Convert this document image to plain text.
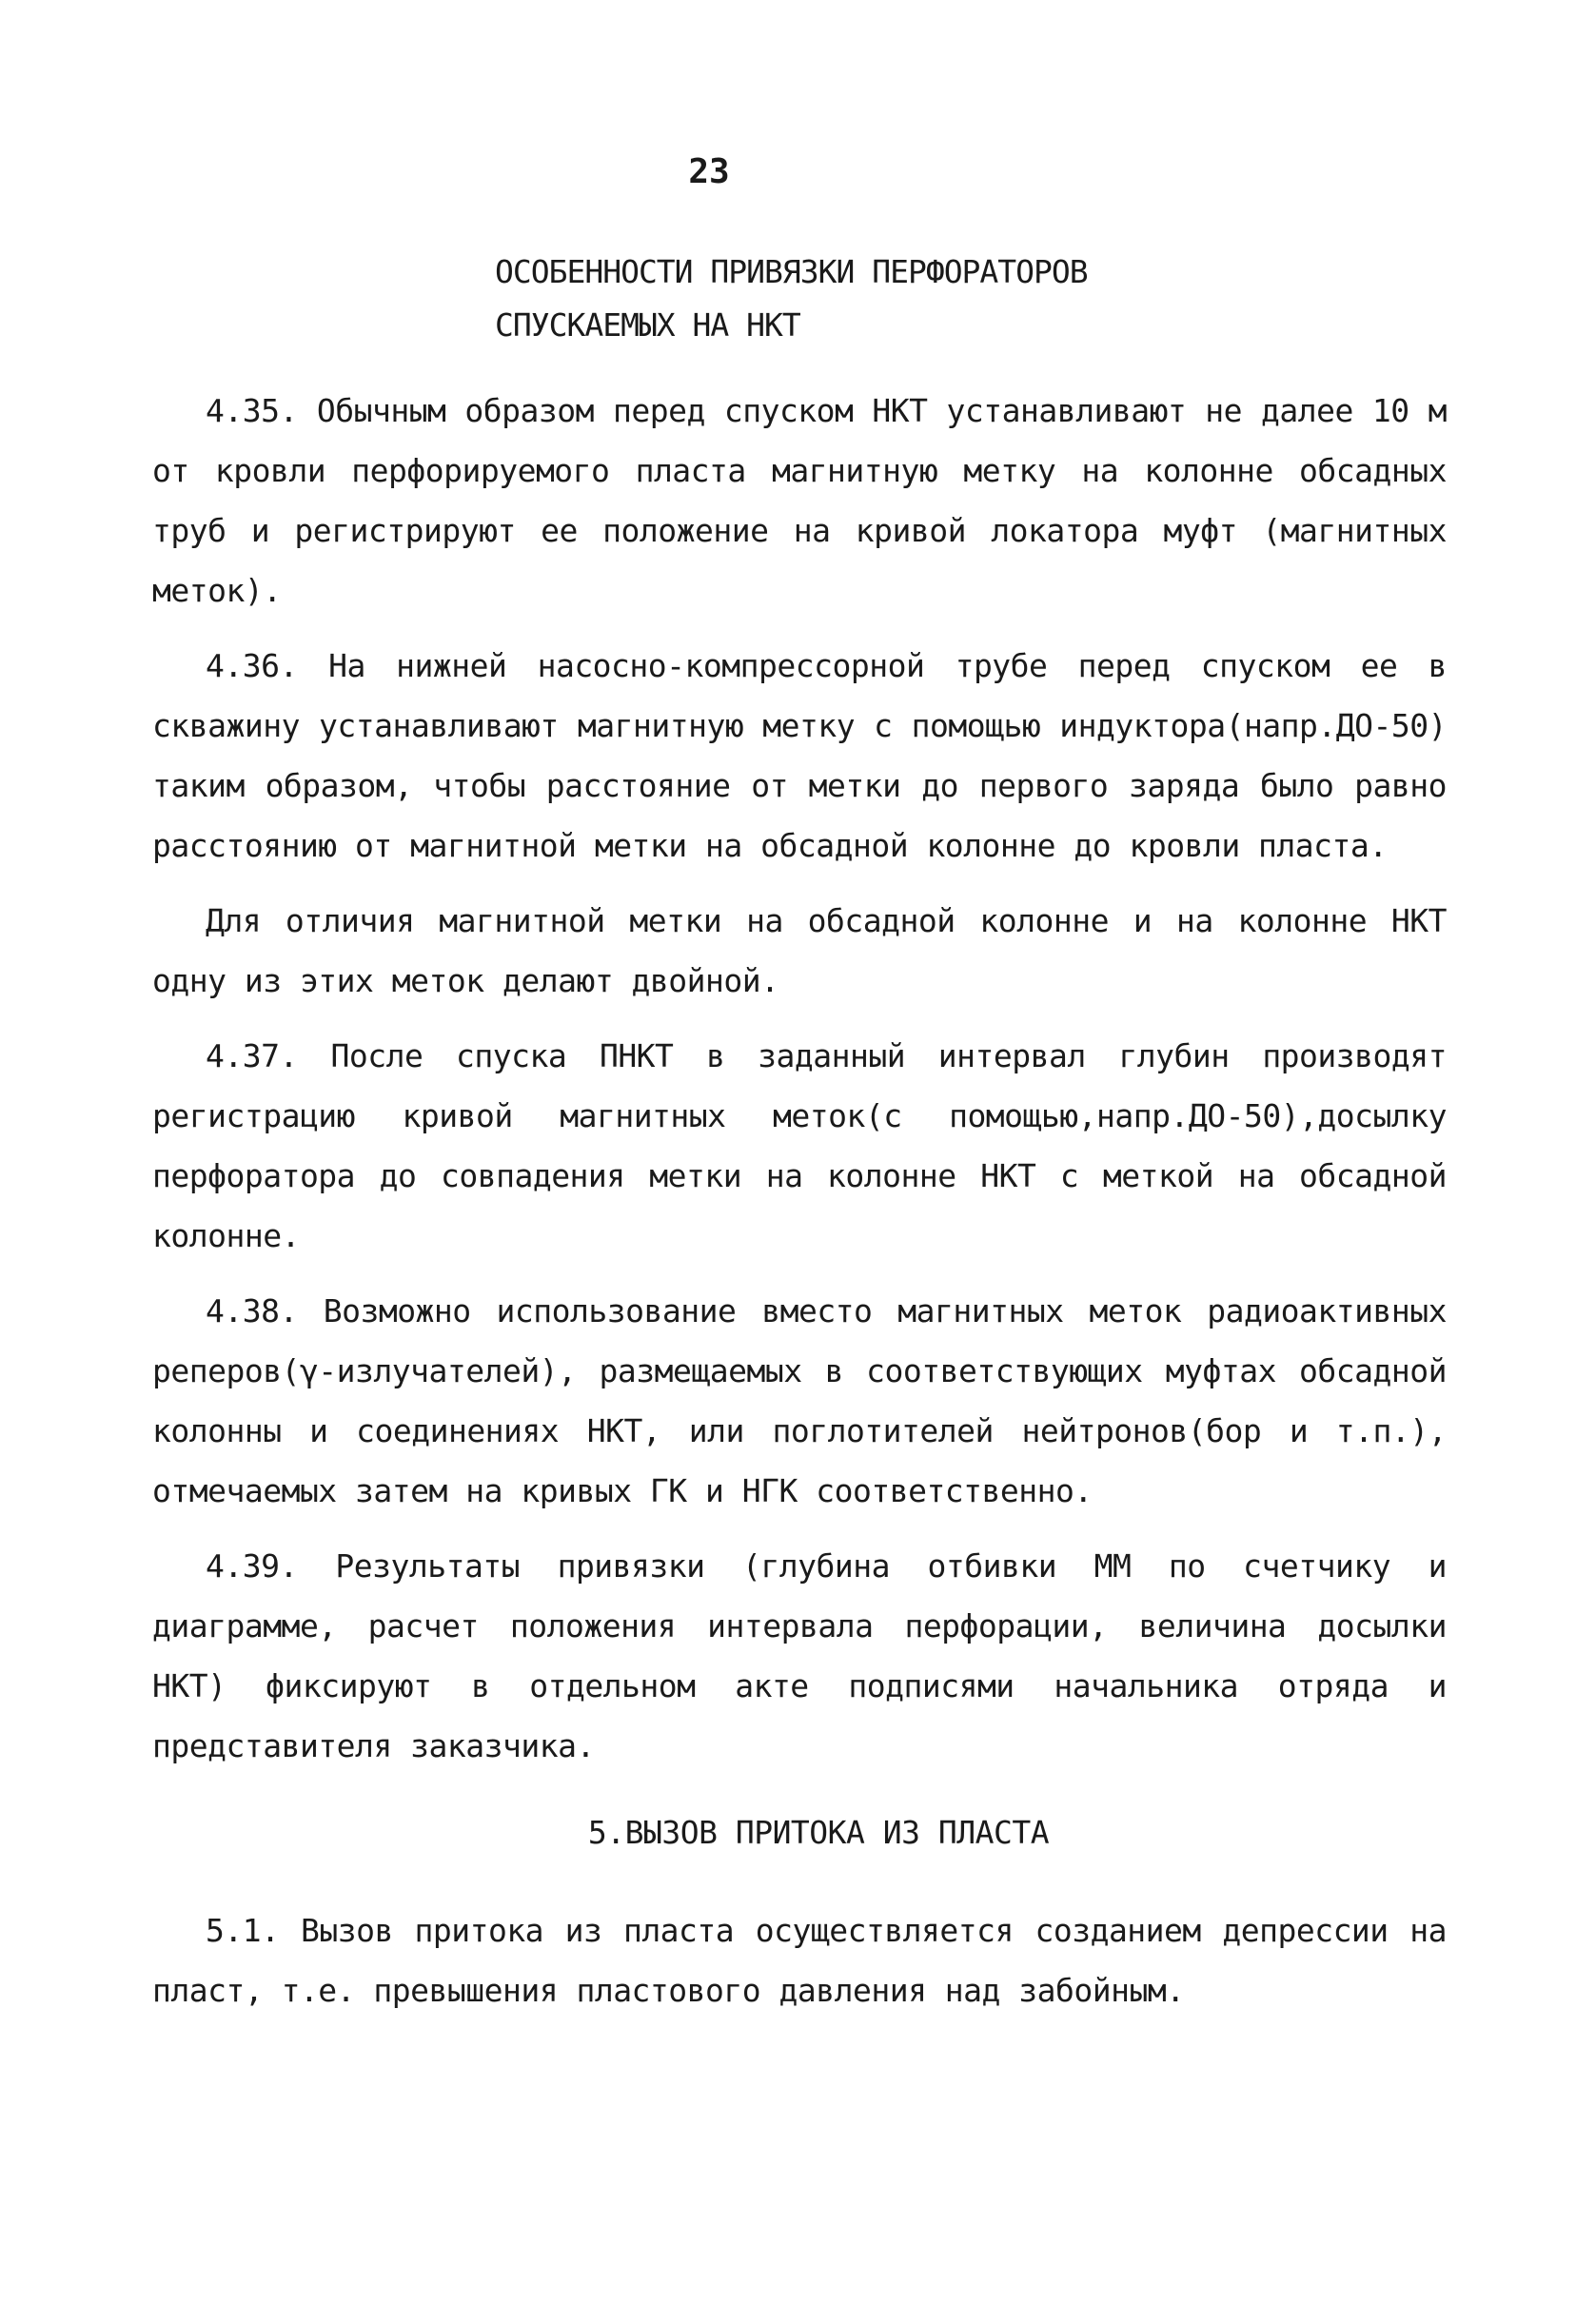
23
ОСОБЕННОСТИ ПРИВЯЗКИ ПЕРФОРАТОРОВ
СПУСКАЕМЫХ НА НКТ

4.35. Обычным образом перед спуском НКТ устанавливают не далее 10 м от кровли перфорируемого пласта магнитную метку на колонне обсадных труб и регистрируют ее положение на кривой локатора муфт (магнитных меток).

4.36. На нижней насосно-компрессорной трубе перед спуском ее в скважину устанавливают магнитную метку с помощью индуктора(напр.ДО-50) таким образом, чтобы расстояние от метки до первого заряда было равно расстоянию от магнитной метки на обсадной колонне до кровли пласта.

Для отличия магнитной метки на обсадной колонне и на колонне НКТ одну из этих меток делают двойной.

4.37. После спуска ПНКТ в заданный интервал глубин производят регистрацию кривой магнитных меток(с помощью,напр.ДО-50),досылку перфоратора до совпадения метки на колонне НКТ с меткой на обсадной колонне.

4.38. Возможно использование вместо магнитных меток радиоактивных реперов(γ-излучателей), размещаемых в соответствующих муфтах обсадной колонны и соединениях НКТ, или поглотителей нейтронов(бор и т.п.), отмечаемых затем на кривых ГК и НГК соответственно.

4.39. Результаты привязки (глубина отбивки ММ по счетчику и диаграмме, расчет положения интервала перфорации, величина досылки НКТ) фиксируют в отдельном акте подписями начальника отряда и представителя заказчика.

5.ВЫЗОВ ПРИТОКА ИЗ ПЛАСТА

5.1. Вызов притока из пласта осуществляется созданием депрессии на пласт, т.е. превышения пластового давления над забойным.
